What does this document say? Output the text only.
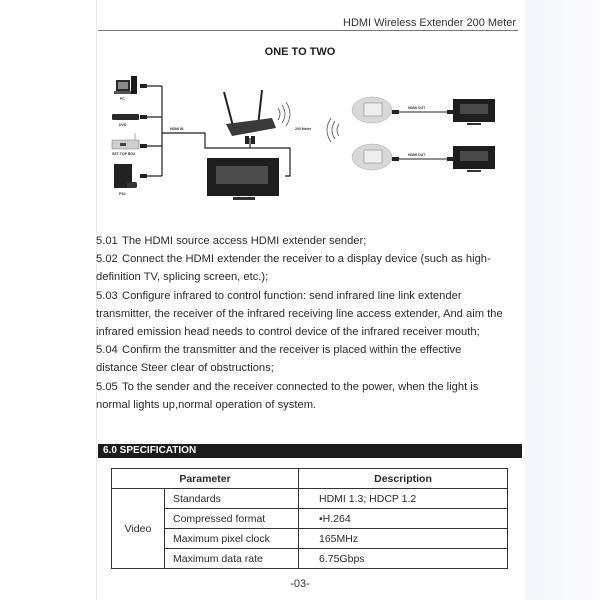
HDMI Wireless Extender 200 Meter
ONE TO TWO
PC
DVD
SET-TOP BOX
PS4
HDMI IN	200 Meter
HDMI OUT
HDMI OUT
5.01 The HDMI source access HDMI extender sender;
5.02 Connect the HDMI extender the receiver to a display device (such as high-
definition TV, splicing screen, etc.);
5.03 Configure infrared to control function: send infrared line link extender
transmitter, the receiver of the infrared receiving line access extender, And aim the infrared emission head needs to control device of the infrared receiver mouth;
5.04 Confirm the transmitter and the receiver is placed within the effective
distance Steer clear of obstructions;
5.05 To the sender and the receiver connected to the power, when the light is
normal lights up,normal operation of system.
6.0 SPECIFICATION
Parameter		Description
Video	Standards	HDMI 1.3; HDCP 1.2
	Compressed format	•H.264
	Maximum pixel clock	165MHz
	Maximum data rate	6.75Gbps
-03-
